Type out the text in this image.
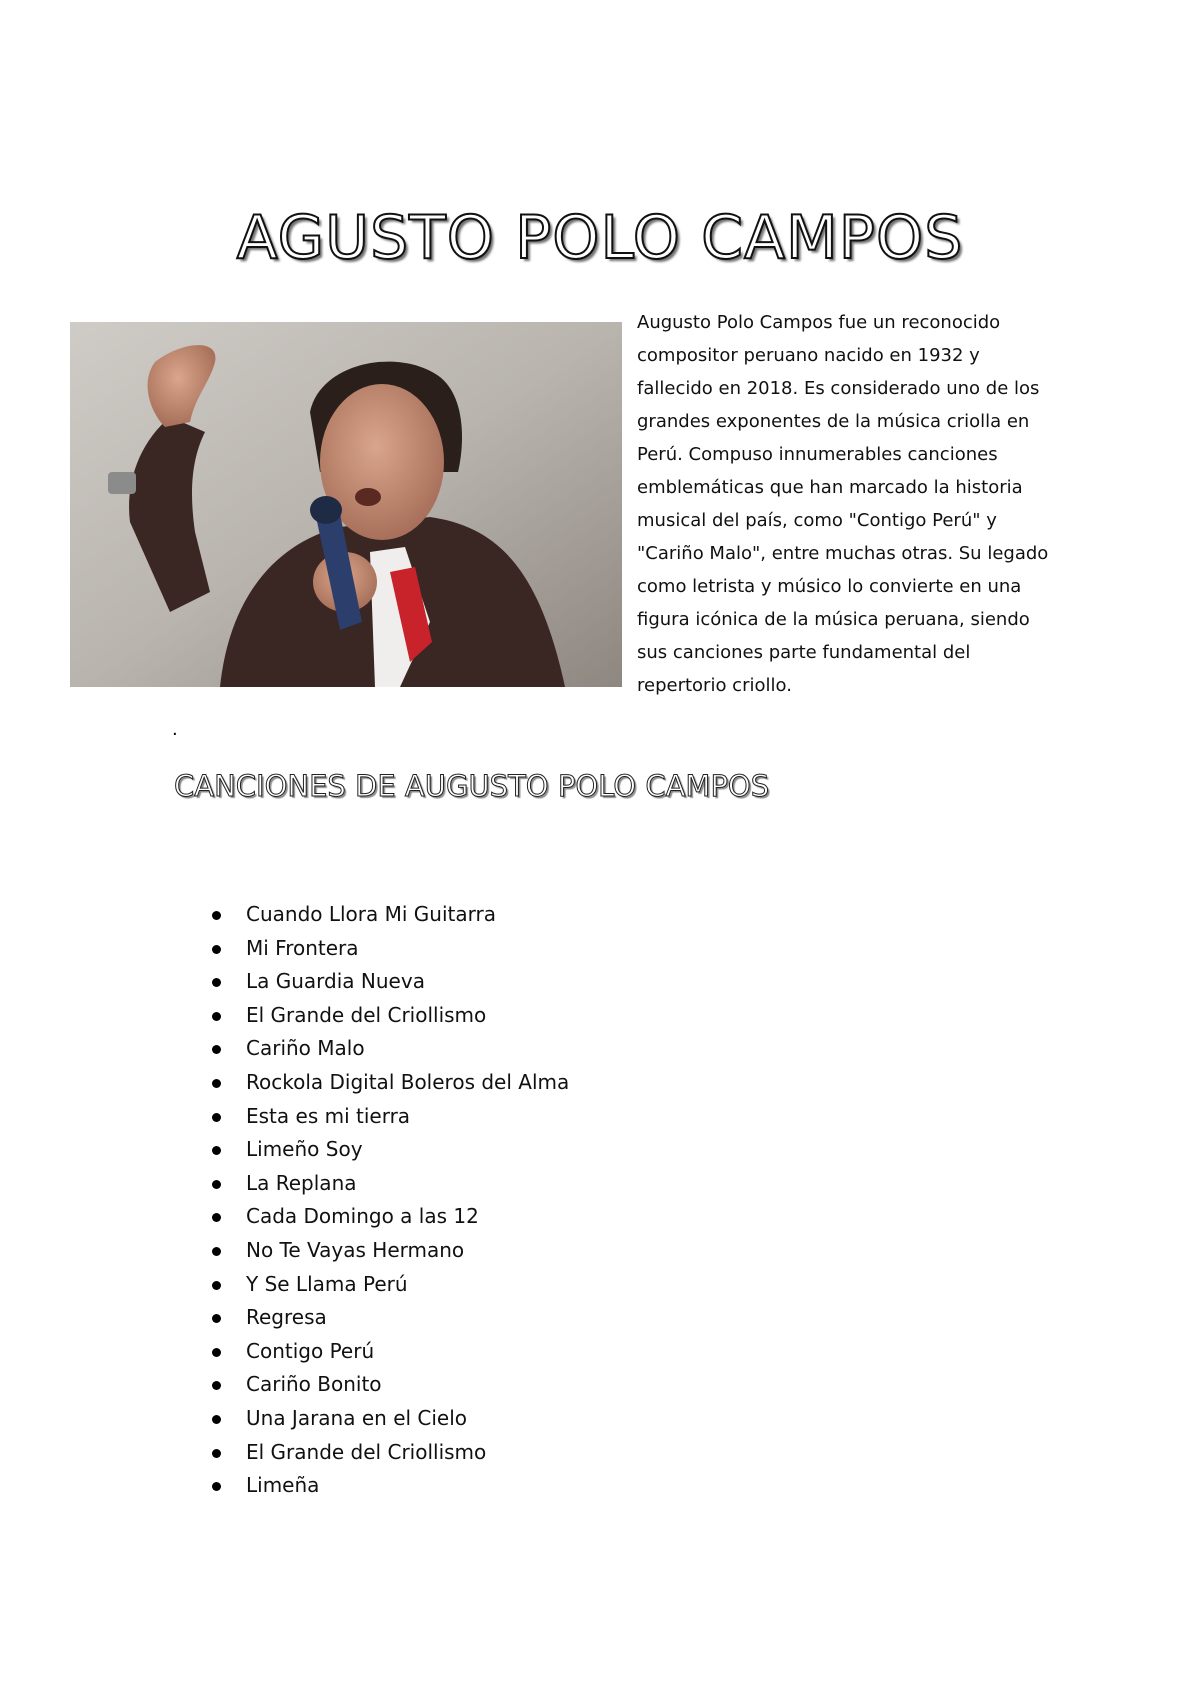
AGUSTO POLO CAMPOS

Augusto Polo Campos fue un reconocido compositor peruano nacido en 1932 y fallecido en 2018. Es considerado uno de los grandes exponentes de la música criolla en Perú. Compuso innumerables canciones emblemáticas que han marcado la historia musical del país, como "Contigo Perú" y "Cariño Malo", entre muchas otras. Su legado como letrista y músico lo convierte en una figura icónica de la música peruana, siendo sus canciones parte fundamental del repertorio criollo.

.
CANCIONES DE AUGUSTO POLO CAMPOS
Cuando Llora Mi Guitarra
Mi Frontera
La Guardia Nueva
El Grande del Criollismo
Cariño Malo
Rockola Digital Boleros del Alma
Esta es mi tierra
Limeño Soy
La Replana
Cada Domingo a las 12
No Te Vayas Hermano
Y Se Llama Perú
Regresa
Contigo Perú
Cariño Bonito
Una Jarana en el Cielo
El Grande del Criollismo
Limeña
